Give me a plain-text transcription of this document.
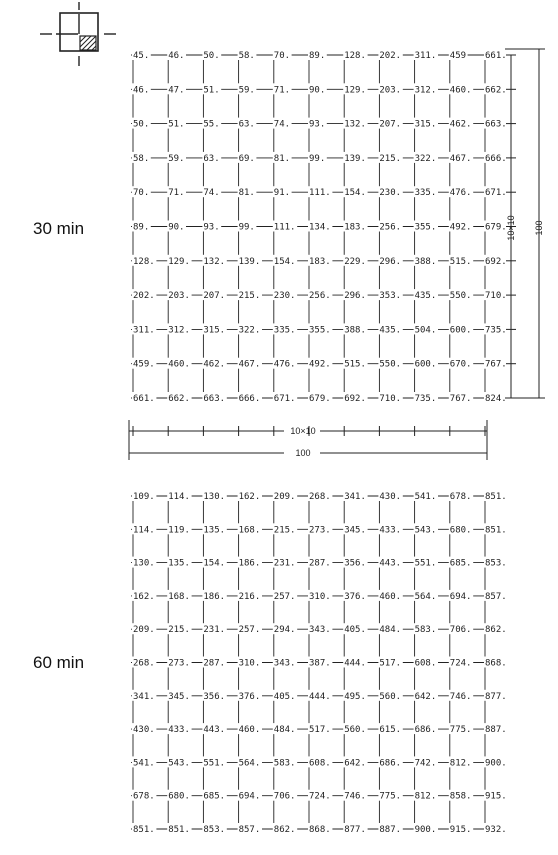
45. 46. 50. 58. 70. 89. 128. 202. 311. 459 661.
46. 47. 51. 59. 71. 90. 129. 203. 312. 460. 662.
50. 51. 55. 63. 74. 93. 132. 207. 315. 462. 663.
58. 59. 63. 69. 81. 99. 139. 215. 322. 467. 666.
70. 71. 74. 81. 91. 111. 154. 230. 335. 476. 671.
89. 90. 93. 99. 111. 134. 183. 256. 355. 492. 679.
128. 129. 132. 139. 154. 183. 229. 296. 388. 515. 692.
202. 203. 207. 215. 230. 256. 296. 353. 435. 550. 710.
311. 312. 315. 322. 335. 355. 388. 435. 504. 600. 735.
459. 460. 462. 467. 476. 492. 515. 550. 600. 670. 767.
661. 662. 663. 666. 671. 679. 692. 710. 735. 767. 824.
30 min
60 min
10×10 100
10×10
100
109. 114. 130. 162. 209. 268. 341. 430. 541. 678. 851.
114. 119. 135. 168. 215. 273. 345. 433. 543. 680. 851.
130. 135. 154. 186. 231. 287. 356. 443. 551. 685. 853.
162. 168. 186. 216. 257. 310. 376. 460. 564. 694. 857.
209. 215. 231. 257. 294. 343. 405. 484. 583. 706. 862.
268. 273. 287. 310. 343. 387. 444. 517. 608. 724. 868.
341. 345. 356. 376. 405. 444. 495. 560. 642. 746. 877.
430. 433. 443. 460. 484. 517. 560. 615. 686. 775. 887.
541. 543. 551. 564. 583. 608. 642. 686. 742. 812. 900.
678. 680. 685. 694. 706. 724. 746. 775. 812. 858. 915.
851. 851. 853. 857. 862. 868. 877. 887. 900. 915. 932.
